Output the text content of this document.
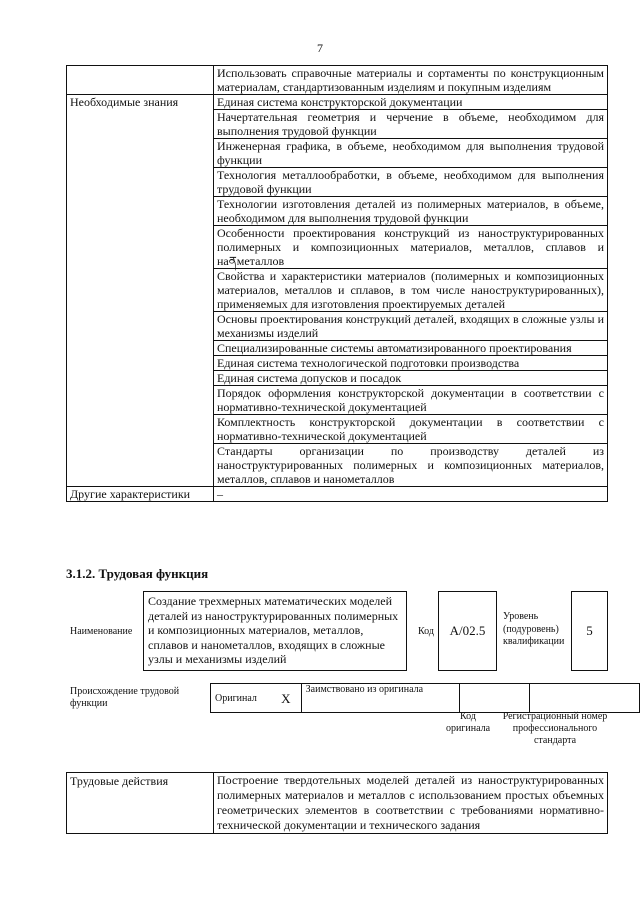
7
	Использовать справочные материалы и сортаменты по конструкционным материалам, стандартизованным изделиям и покупным изделиям
Необходимые знания	Единая система конструкторской документации
	Начертательная геометрия и черчение в объеме, необходимом для выполнения трудовой функции
	Инженерная графика, в объеме, необходимом для выполнения трудовой функции
	Технология металлообработки, в объеме, необходимом для выполнения трудовой функции
	Технологии изготовления деталей из полимерных материалов, в объеме, необходимом для выполнения трудовой функции
	Особенности проектирования конструкций из наноструктурированных полимерных и композиционных материалов, металлов, сплавов и наནметаллов
	Свойства и характеристики материалов (полимерных и композиционных материалов, металлов и сплавов, в том числе наноструктурированных), применяемых для изготовления проектируемых деталей
	Основы проектирования конструкций деталей, входящих в сложные узлы и механизмы изделий
	Специализированные системы автоматизированного проектирования
	Единая система технологической подготовки производства
	Единая система допусков и посадок
	Порядок оформления конструкторской документации в соответствии с нормативно-технической документацией
	Комплектность конструкторской документации в соответствии с нормативно-технической документацией
	Стандарты организации по производству деталей из наноструктурированных полимерных и композиционных материалов, металлов, сплавов и нанометаллов
Другие характеристики	–
3.1.2. Трудовая функция
Наименование
Создание трехмерных математических моделей деталей из наноструктурированных полимерных и композиционных материалов, металлов, сплавов и нанометаллов, входящих в сложные узлы и механизмы изделий
Код	A/02.5
Уровень (подуровень) квалификации
5
Происхождение трудовой функции	Оригинал	X	Заимствовано из оригинала		
Код оригинала
Регистрационный номер профессионального стандарта
Трудовые действия	Построение твердотельных моделей деталей из наноструктурированных полимерных материалов и металлов с использованием простых объемных геометрических элементов в соответствии с требованиями нормативно-технической документации и технического задания
